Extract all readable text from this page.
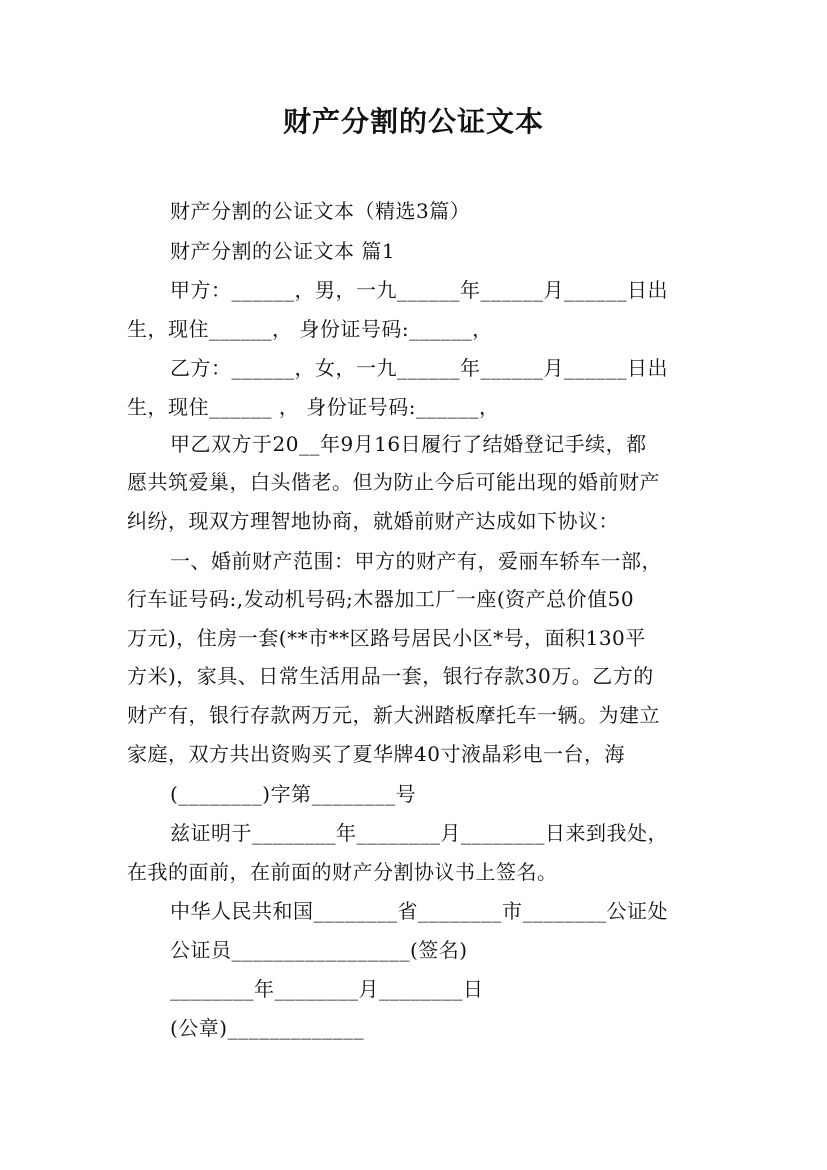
财产分割的公证文本

财产分割的公证文本（精选3篇）

财产分割的公证文本 篇1

甲方：______，男，一九______年______月______日出

生，现住______， 身份证号码:______，

乙方：______，女，一九______年______月______日出

生，现住______ ， 身份证号码:______，

甲乙双方于20__年9月16日履行了结婚登记手续，都

愿共筑爱巢，白头偕老。但为防止今后可能出现的婚前财产

纠纷，现双方理智地协商，就婚前财产达成如下协议：

一、婚前财产范围：甲方的财产有，爱丽车轿车一部，

行车证号码:,发动机号码;木器加工厂一座(资产总价值50

万元)，住房一套(**市**区路号居民小区*号，面积130平

方米)，家具、日常生活用品一套，银行存款30万。乙方的

财产有，银行存款两万元，新大洲踏板摩托车一辆。为建立

家庭，双方共出资购买了夏华牌40寸液晶彩电一台，海

(________)字第________号

兹证明于________年________月________日来到我处，

在我的面前，在前面的财产分割协议书上签名。

中华人民共和国________省________市________公证处

公证员_________________(签名)

________年________月________日

(公章)_____________
